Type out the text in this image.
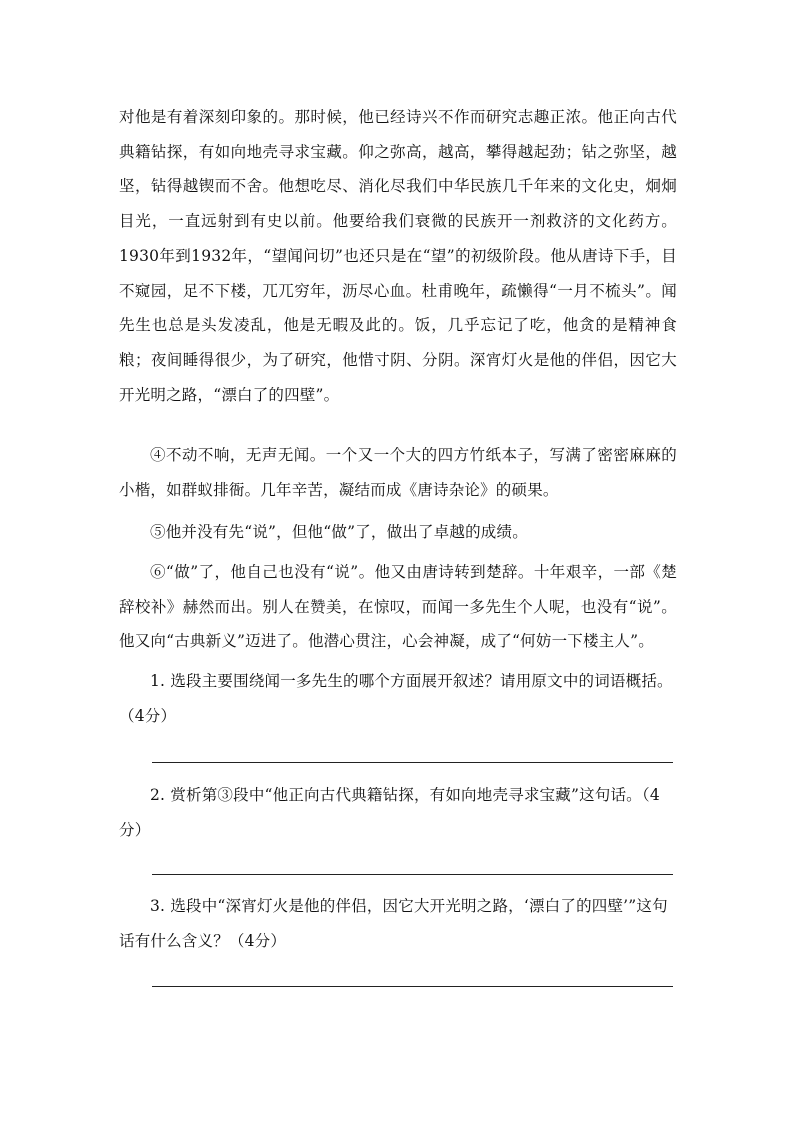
对他是有着深刻印象的。那时候，他已经诗兴不作而研究志趣正浓。他正向古代典籍钻探，有如向地壳寻求宝藏。仰之弥高，越高，攀得越起劲；钻之弥坚，越坚，钻得越锲而不舍。他想吃尽、消化尽我们中华民族几千年来的文化史，炯炯目光，一直远射到有史以前。他要给我们衰微的民族开一剂救济的文化药方。1930年到1932年，“望闻问切”也还只是在“望”的初级阶段。他从唐诗下手，目不窥园，足不下楼，兀兀穷年，沥尽心血。杜甫晚年，疏懒得“一月不梳头”。闻先生也总是头发凌乱，他是无暇及此的。饭，几乎忘记了吃，他贪的是精神食粮；夜间睡得很少，为了研究，他惜寸阴、分阴。深宵灯火是他的伴侣，因它大开光明之路，“漂白了的四壁”。
④不动不响，无声无闻。一个又一个大的四方竹纸本子，写满了密密麻麻的小楷，如群蚁排衙。几年辛苦，凝结而成《唐诗杂论》的硕果。
⑤他并没有先“说”，但他“做”了，做出了卓越的成绩。
⑥“做”了，他自己也没有“说”。他又由唐诗转到楚辞。十年艰辛，一部《楚辞校补》赫然而出。别人在赞美，在惊叹，而闻一多先生个人呢，也没有“说”。他又向“古典新义”迈进了。他潜心贯注，心会神凝，成了“何妨一下楼主人”。
1. 选段主要围绕闻一多先生的哪个方面展开叙述？请用原文中的词语概括。（4分）
2. 赏析第③段中“他正向古代典籍钻探，有如向地壳寻求宝藏”这句话。（4分）
3. 选段中“深宵灯火是他的伴侣，因它大开光明之路，‘漂白了的四壁’”这句话有什么含义？（4分）
